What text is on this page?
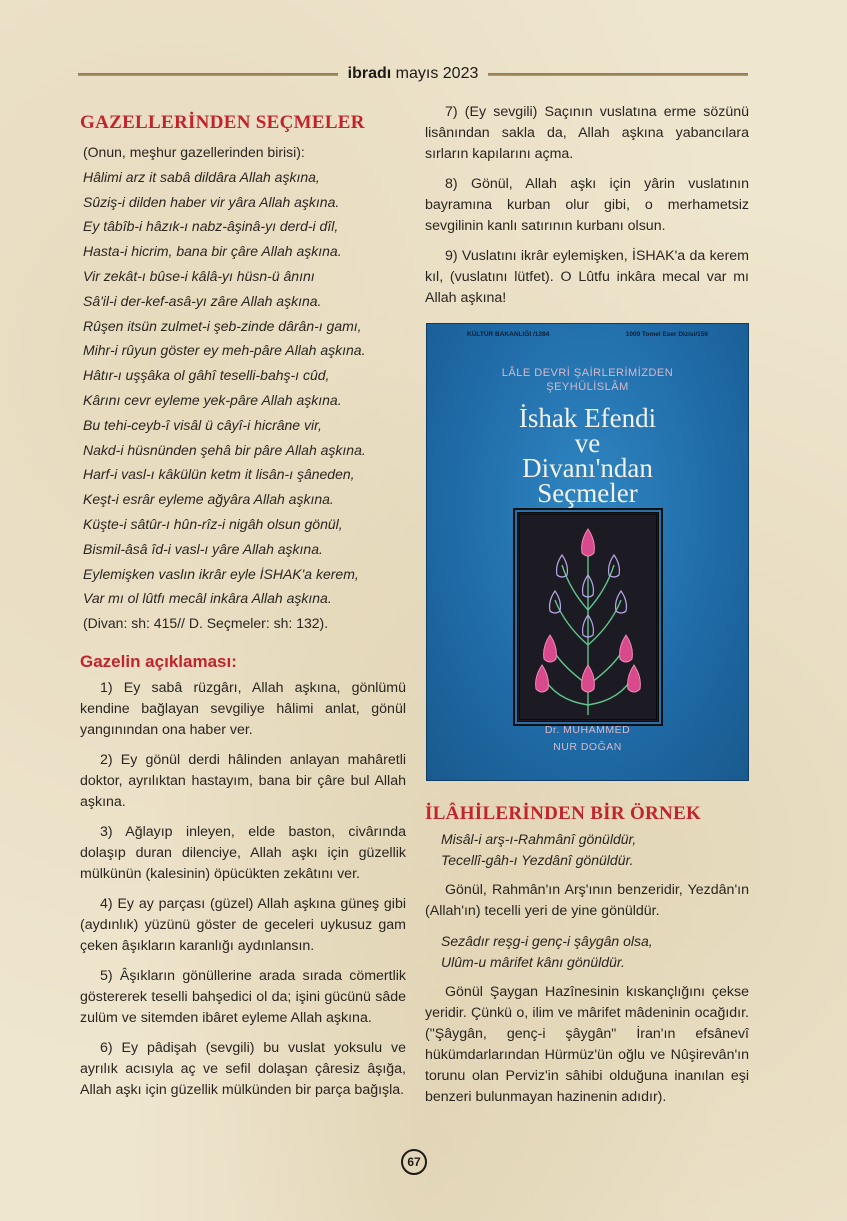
ibradı mayıs 2023
GAZELLERİNDEN SEÇMELER
(Onun, meşhur gazellerinden birisi):
Hâlimi arz it sabâ dildâra Allah aşkına,
Sûziş-i dilden haber vir yâra Allah aşkına.
Ey tâbîb-i hâzık-ı nabz-âşinâ-yı derd-i dîl,
Hasta-i hicrim, bana bir çâre Allah aşkına.
Vir zekât-ı bûse-i kâlâ-yı hüsn-ü ânını
Sâ'il-i der-kef-asâ-yı zâre Allah aşkına.
Rûşen itsün zulmet-i şeb-zinde dârân-ı gamı,
Mihr-i rûyun göster ey meh-pâre Allah aşkına.
Hâtır-ı uşşâka ol gâhî teselli-bahş-ı cûd,
Kârını cevr eyleme yek-pâre Allah aşkına.
Bu tehi-ceyb-î visâl ü câyî-i hicrâne vir,
Nakd-i hüsnünden şehâ bir pâre Allah aşkına.
Harf-i vasl-ı kâkülün ketm it lisân-ı şâneden,
Keşt-i esrâr eyleme ağyâra Allah aşkına.
Küşte-i sâtûr-ı hûn-rîz-i nigâh olsun gönül,
Bismil-âsâ îd-i vasl-ı yâre Allah aşkına.
Eylemişken vaslın ikrâr eyle İSHAK'a kerem,
Var mı ol lûtfı mecâl inkâra Allah aşkına.
(Divan: sh: 415// D. Seçmeler: sh: 132).
Gazelin açıklaması:

1) Ey sabâ rüzgârı, Allah aşkına, gönlümü kendine bağlayan sevgiliye hâlimi anlat, gönül yangınından ona haber ver.

2) Ey gönül derdi hâlinden anlayan mahâretli doktor, ayrılıktan hastayım, bana bir çâre bul Allah aşkına.

3) Ağlayıp inleyen, elde baston, civârında dolaşıp duran dilenciye, Allah aşkı için güzellik mülkünün (kalesinin) öpücükten zekâtını ver.

4) Ey ay parçası (güzel) Allah aşkına güneş gibi (aydınlık) yüzünü göster de geceleri uykusuz gam çeken âşıkların karanlığı aydınlansın.

5) Âşıkların gönüllerine arada sırada cömertlik göstererek teselli bahşedici ol da; işini gücünü sâde zulüm ve sitemden ibâret eyleme Allah aşkına.

6) Ey pâdişah (sevgili) bu vuslat yoksulu ve ayrılık acısıyla aç ve sefil dolaşan çâresiz âşığa, Allah aşkı için güzellik mülkünden bir parça bağışla.

7) (Ey sevgili) Saçının vuslatına erme sözünü lisânından sakla da, Allah aşkına yabancılara sırların kapılarını açma.

8) Gönül, Allah aşkı için yârin vuslatının bayramına kurban olur gibi, o merhametsiz sevgilinin kanlı satırının kurbanı olsun.

9) Vuslatını ikrâr eylemişken, İSHAK'a da kerem kıl, (vuslatını lütfet). O Lûtfu inkâra mecal var mı Allah aşkına!

KÜLTÜR BAKANLIĞI /1284	1009 Tomel Eser Dizisi/156
LÂLE DEVRİ ŞAİRLERİMİZDEN
ŞEYHÜLİSLÂM
İshak Efendi
ve
Divanı'ndan
Seçmeler
Dr. MUHAMMED
NUR DOĞAN
İLÂHİLERİNDEN BİR ÖRNEK
Misâl-i arş-ı-Rahmânî gönüldür,
Tecellî-gâh-ı Yezdânî gönüldür.

Gönül, Rahmân'ın Arş'ının benzeridir, Yezdân'ın (Allah'ın) tecelli yeri de yine gönüldür.

Sezâdır reşg-i genç-i şâygân olsa,
Ulûm-u mârifet kânı gönüldür.

Gönül Şaygan Hazînesinin kıskançlığını çekse yeridir. Çünkü o, ilim ve mârifet mâdeninin ocağıdır. ("Şâygân, genç-i şâygân" İran'ın efsânevî hükümdarlarından Hürmüz'ün oğlu ve Nûşirevân'ın torunu olan Perviz'in sâhibi olduğuna inanılan eşi benzeri bulunmayan hazinenin adıdır).

67
